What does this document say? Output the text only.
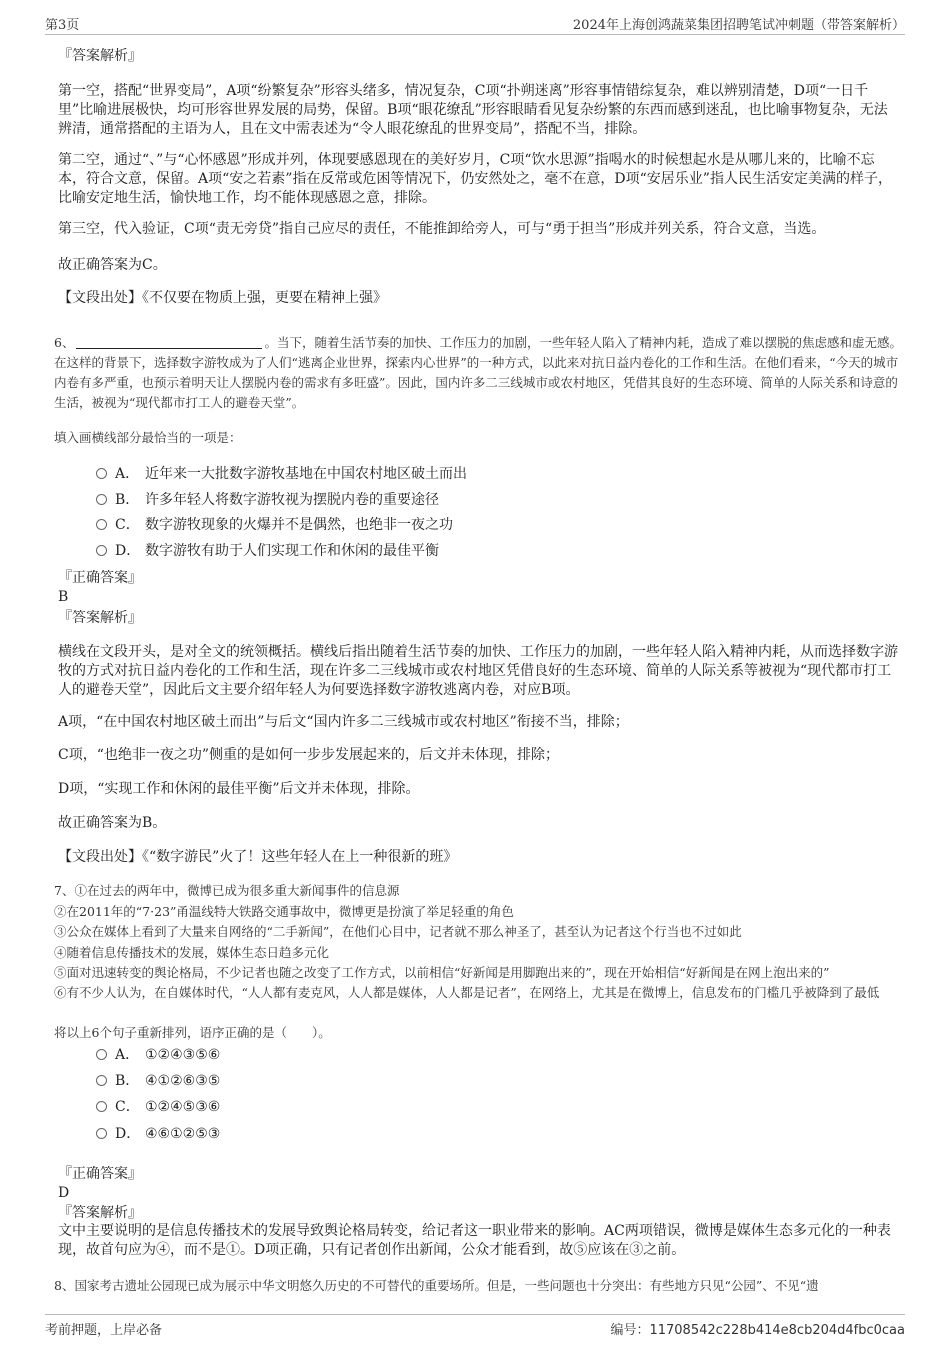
第3页	2024年上海创鸿蔬菜集团招聘笔试冲刺题（带答案解析）

『答案解析』

第一空，搭配“世界变局”，A项“纷繁复杂”形容头绪多，情况复杂，C项“扑朔迷离”形容事情错综复杂，难以辨别清楚，D项“一日千里”比喻进展极快，均可形容世界发展的局势，保留。B项“眼花缭乱”形容眼睛看见复杂纷繁的东西而感到迷乱，也比喻事物复杂，无法辨清，通常搭配的主语为人，且在文中需表述为“令人眼花缭乱的世界变局”，搭配不当，排除。

第二空，通过“、”与“心怀感恩”形成并列，体现要感恩现在的美好岁月，C项“饮水思源”指喝水的时候想起水是从哪儿来的，比喻不忘本，符合文意，保留。A项“安之若素”指在反常或危困等情况下，仍安然处之，毫不在意，D项“安居乐业”指人民生活安定美满的样子，比喻安定地生活，愉快地工作，均不能体现感恩之意，排除。

第三空，代入验证，C项“责无旁贷”指自己应尽的责任，不能推卸给旁人，可与“勇于担当”形成并列关系，符合文意，当选。

故正确答案为C。

【文段出处】《不仅要在物质上强，更要在精神上强》

6、	。当下，随着生活节奏的加快、工作压力的加剧，一些年轻人陷入了精神内耗，造成了难以摆脱的焦虑感和虚无感。在这样的背景下，选择数字游牧成为了人们“逃离企业世界，探索内心世界”的一种方式，以此来对抗日益内卷化的工作和生活。在他们看来，“今天的城市内卷有多严重，也预示着明天让人摆脱内卷的需求有多旺盛”。因此，国内许多二三线城市或农村地区，凭借其良好的生态环境、简单的人际关系和诗意的生活，被视为“现代都市打工人的避卷天堂”。

填入画横线部分最恰当的一项是：

A． 近年来一大批数字游牧基地在中国农村地区破土而出
B． 许多年轻人将数字游牧视为摆脱内卷的重要途径
C． 数字游牧现象的火爆并不是偶然，也绝非一夜之功
D． 数字游牧有助于人们实现工作和休闲的最佳平衡

『正确答案』

B

『答案解析』

横线在文段开头，是对全文的统领概括。横线后指出随着生活节奏的加快、工作压力的加剧，一些年轻人陷入精神内耗，从而选择数字游牧的方式对抗日益内卷化的工作和生活，现在许多二三线城市或农村地区凭借良好的生态环境、简单的人际关系等被视为“现代都市打工人的避卷天堂”，因此后文主要介绍年轻人为何要选择数字游牧逃离内卷，对应B项。

A项，“在中国农村地区破土而出”与后文“国内许多二三线城市或农村地区”衔接不当，排除；

C项，“也绝非一夜之功”侧重的是如何一步步发展起来的，后文并未体现，排除；

D项，“实现工作和休闲的最佳平衡”后文并未体现，排除。

故正确答案为B。

【文段出处】《“数字游民”火了！这些年轻人在上一种很新的班》

7、①在过去的两年中，微博已成为很多重大新闻事件的信息源

②在2011年的“7·23”甬温线特大铁路交通事故中，微博更是扮演了举足轻重的角色

③公众在媒体上看到了大量来自网络的“二手新闻”，在他们心目中，记者就不那么神圣了，甚至认为记者这个行当也不过如此

④随着信息传播技术的发展，媒体生态日趋多元化

⑤面对迅速转变的舆论格局，不少记者也随之改变了工作方式，以前相信“好新闻是用脚跑出来的”，现在开始相信“好新闻是在网上泡出来的”

⑥有不少人认为，在自媒体时代，“人人都有麦克风，人人都是媒体，人人都是记者”，在网络上，尤其是在微博上，信息发布的门槛几乎被降到了最低

将以上6个句子重新排列，语序正确的是（　　）。

A． ①②④③⑤⑥
B． ④①②⑥③⑤
C． ①②④⑤③⑥
D． ④⑥①②⑤③

『正确答案』

D

『答案解析』

文中主要说明的是信息传播技术的发展导致舆论格局转变，给记者这一职业带来的影响。AC两项错误，微博是媒体生态多元化的一种表现，故首句应为④，而不是①。D项正确，只有记者创作出新闻，公众才能看到，故⑤应该在③之前。

8、国家考古遗址公园现已成为展示中华文明悠久历史的不可替代的重要场所。但是，一些问题也十分突出：有些地方只见“公园”、不见“遗

考前押题，上岸必备	编号：11708542c228b414e8cb204d4fbc0caa
